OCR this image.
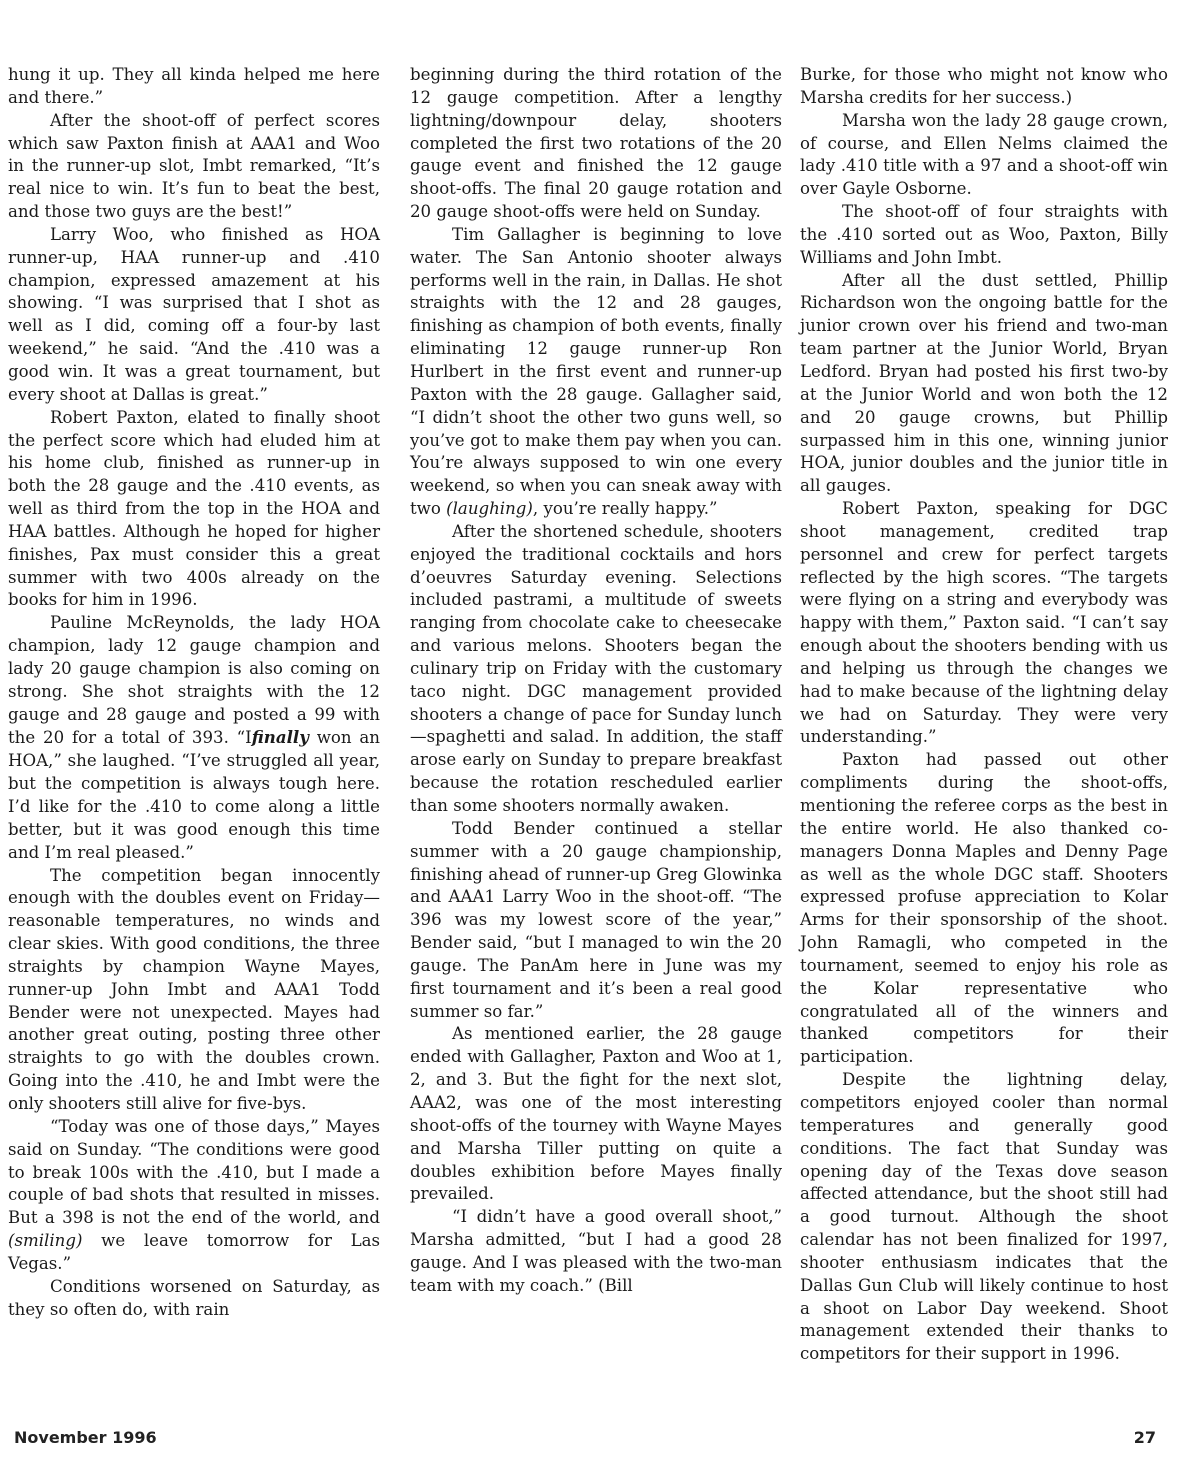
hung it up. They all kinda helped me here and there.”

After the shoot-off of perfect scores which saw Paxton finish at AAA1 and Woo in the runner-up slot, Imbt remarked, “It’s real nice to win. It’s fun to beat the best, and those two guys are the best!”

Larry Woo, who finished as HOA runner-up, HAA runner-up and .410 champion, expressed amazement at his showing. “I was surprised that I shot as well as I did, coming off a four-by last weekend,” he said. “And the .410 was a good win. It was a great tournament, but every shoot at Dallas is great.”

Robert Paxton, elated to finally shoot the perfect score which had eluded him at his home club, finished as runner-up in both the 28 gauge and the .410 events, as well as third from the top in the HOA and HAA battles. Although he hoped for higher finishes, Pax must consider this a great summer with two 400s already on the books for him in 1996.

Pauline McReynolds, the lady HOA champion, lady 12 gauge champion and lady 20 gauge champion is also coming on strong. She shot straights with the 12 gauge and 28 gauge and posted a 99 with the 20 for a total of 393. “Ifinally won an HOA,” she laughed. “I’ve struggled all year, but the competition is always tough here. I’d like for the .410 to come along a little better, but it was good enough this time and I’m real pleased.”

The competition began innocently enough with the doubles event on Friday—reasonable temperatures, no winds and clear skies. With good conditions, the three straights by champion Wayne Mayes, runner-up John Imbt and AAA1 Todd Bender were not unexpected. Mayes had another great outing, posting three other straights to go with the doubles crown. Going into the .410, he and Imbt were the only shooters still alive for five-bys.

“Today was one of those days,” Mayes said on Sunday. “The conditions were good to break 100s with the .410, but I made a couple of bad shots that resulted in misses. But a 398 is not the end of the world, and (smiling) we leave tomorrow for Las Vegas.”

Conditions worsened on Saturday, as they so often do, with rain

beginning during the third rotation of the 12 gauge competition. After a lengthy lightning/downpour delay, shooters completed the first two rotations of the 20 gauge event and finished the 12 gauge shoot-offs. The final 20 gauge rotation and 20 gauge shoot-offs were held on Sunday.

Tim Gallagher is beginning to love water. The San Antonio shooter always performs well in the rain, in Dallas. He shot straights with the 12 and 28 gauges, finishing as champion of both events, finally eliminating 12 gauge runner-up Ron Hurlbert in the first event and runner-up Paxton with the 28 gauge. Gallagher said, “I didn’t shoot the other two guns well, so you’ve got to make them pay when you can. You’re always supposed to win one every weekend, so when you can sneak away with two (laughing), you’re really happy.”

After the shortened schedule, shooters enjoyed the traditional cocktails and hors d’oeuvres Saturday evening. Selections included pastrami, a multitude of sweets ranging from chocolate cake to cheesecake and various melons. Shooters began the culinary trip on Friday with the customary taco night. DGC management provided shooters a change of pace for Sunday lunch—spaghetti and salad. In addition, the staff arose early on Sunday to prepare breakfast because the rotation rescheduled earlier than some shooters normally awaken.

Todd Bender continued a stellar summer with a 20 gauge championship, finishing ahead of runner-up Greg Glowinka and AAA1 Larry Woo in the shoot-off. “The 396 was my lowest score of the year,” Bender said, “but I managed to win the 20 gauge. The PanAm here in June was my first tournament and it’s been a real good summer so far.”

As mentioned earlier, the 28 gauge ended with Gallagher, Paxton and Woo at 1, 2, and 3. But the fight for the next slot, AAA2, was one of the most interesting shoot-offs of the tourney with Wayne Mayes and Marsha Tiller putting on quite a doubles exhibition before Mayes finally prevailed.

“I didn’t have a good overall shoot,” Marsha admitted, “but I had a good 28 gauge. And I was pleased with the two-man team with my coach.” (Bill

Burke, for those who might not know who Marsha credits for her success.)

Marsha won the lady 28 gauge crown, of course, and Ellen Nelms claimed the lady .410 title with a 97 and a shoot-off win over Gayle Osborne.

The shoot-off of four straights with the .410 sorted out as Woo, Paxton, Billy Williams and John Imbt.

After all the dust settled, Phillip Richardson won the ongoing battle for the junior crown over his friend and two-man team partner at the Junior World, Bryan Ledford. Bryan had posted his first two-by at the Junior World and won both the 12 and 20 gauge crowns, but Phillip surpassed him in this one, winning junior HOA, junior doubles and the junior title in all gauges.

Robert Paxton, speaking for DGC shoot management, credited trap personnel and crew for perfect targets reflected by the high scores. “The targets were flying on a string and everybody was happy with them,” Paxton said. “I can’t say enough about the shooters bending with us and helping us through the changes we had to make because of the lightning delay we had on Saturday. They were very understanding.”

Paxton had passed out other compliments during the shoot-offs, mentioning the referee corps as the best in the entire world. He also thanked co-managers Donna Maples and Denny Page as well as the whole DGC staff. Shooters expressed profuse appreciation to Kolar Arms for their sponsorship of the shoot. John Ramagli, who competed in the tournament, seemed to enjoy his role as the Kolar representative who congratulated all of the winners and thanked competitors for their participation.

Despite the lightning delay, competitors enjoyed cooler than normal temperatures and generally good conditions. The fact that Sunday was opening day of the Texas dove season affected attendance, but the shoot still had a good turnout. Although the shoot calendar has not been finalized for 1997, shooter enthusiasm indicates that the Dallas Gun Club will likely continue to host a shoot on Labor Day weekend. Shoot management extended their thanks to competitors for their support in 1996.

November 1996	27
